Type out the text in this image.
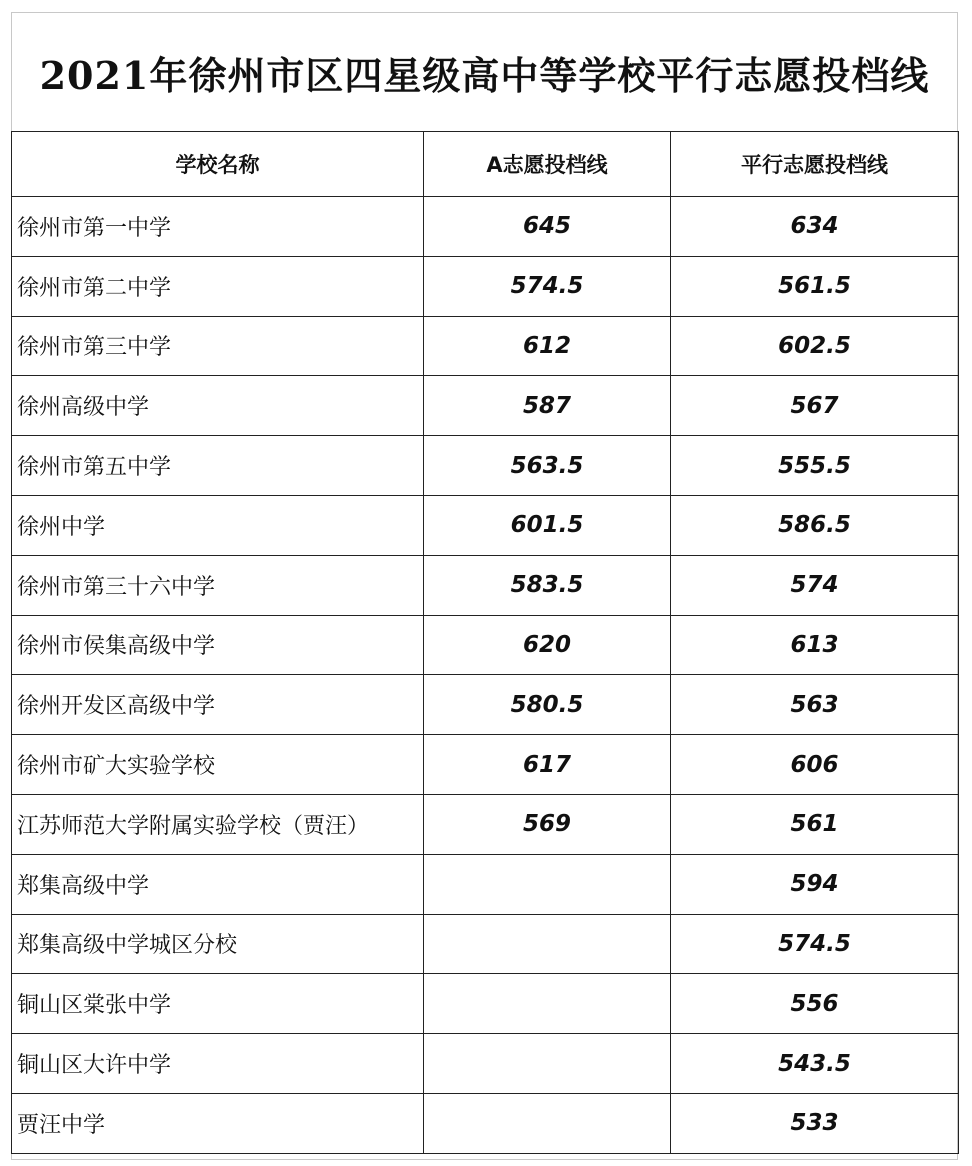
2021年徐州市区四星级高中等学校平行志愿投档线
学校名称	A志愿投档线	平行志愿投档线
徐州市第一中学	645	634
徐州市第二中学	574.5	561.5
徐州市第三中学	612	602.5
徐州高级中学	587	567
徐州市第五中学	563.5	555.5
徐州中学	601.5	586.5
徐州市第三十六中学	583.5	574
徐州市侯集高级中学	620	613
徐州开发区高级中学	580.5	563
徐州市矿大实验学校	617	606
江苏师范大学附属实验学校（贾汪）	569	561
郑集高级中学		594
郑集高级中学城区分校		574.5
铜山区棠张中学		556
铜山区大许中学		543.5
贾汪中学		533
